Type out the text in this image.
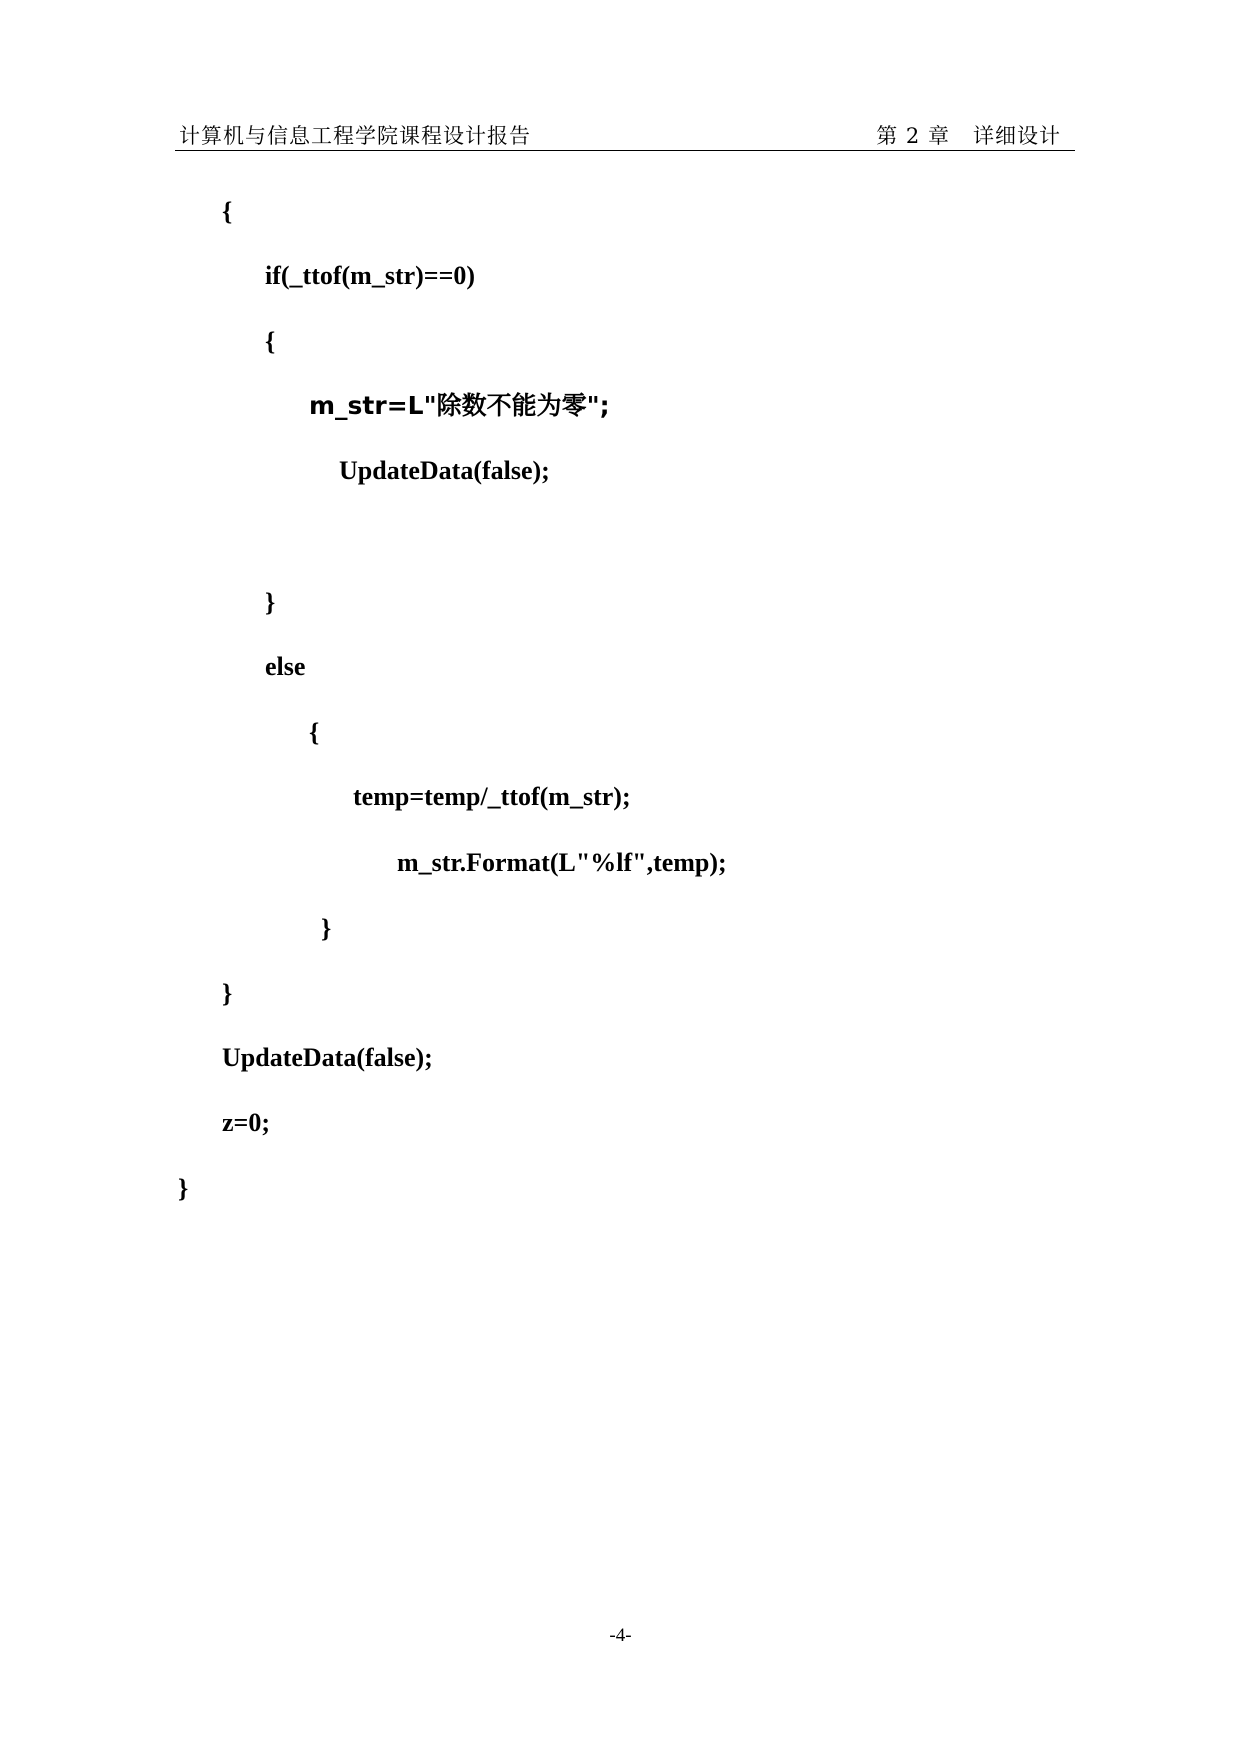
计算机与信息工程学院课程设计报告	第 2 章   详细设计
{
if(_ttof(m_str)==0)
{
m_str=L"除数不能为零";
UpdateData(false);
}
else
{
temp=temp/_ttof(m_str);
m_str.Format(L"%lf",temp);
}
}
UpdateData(false);
z=0;
}
-4-
